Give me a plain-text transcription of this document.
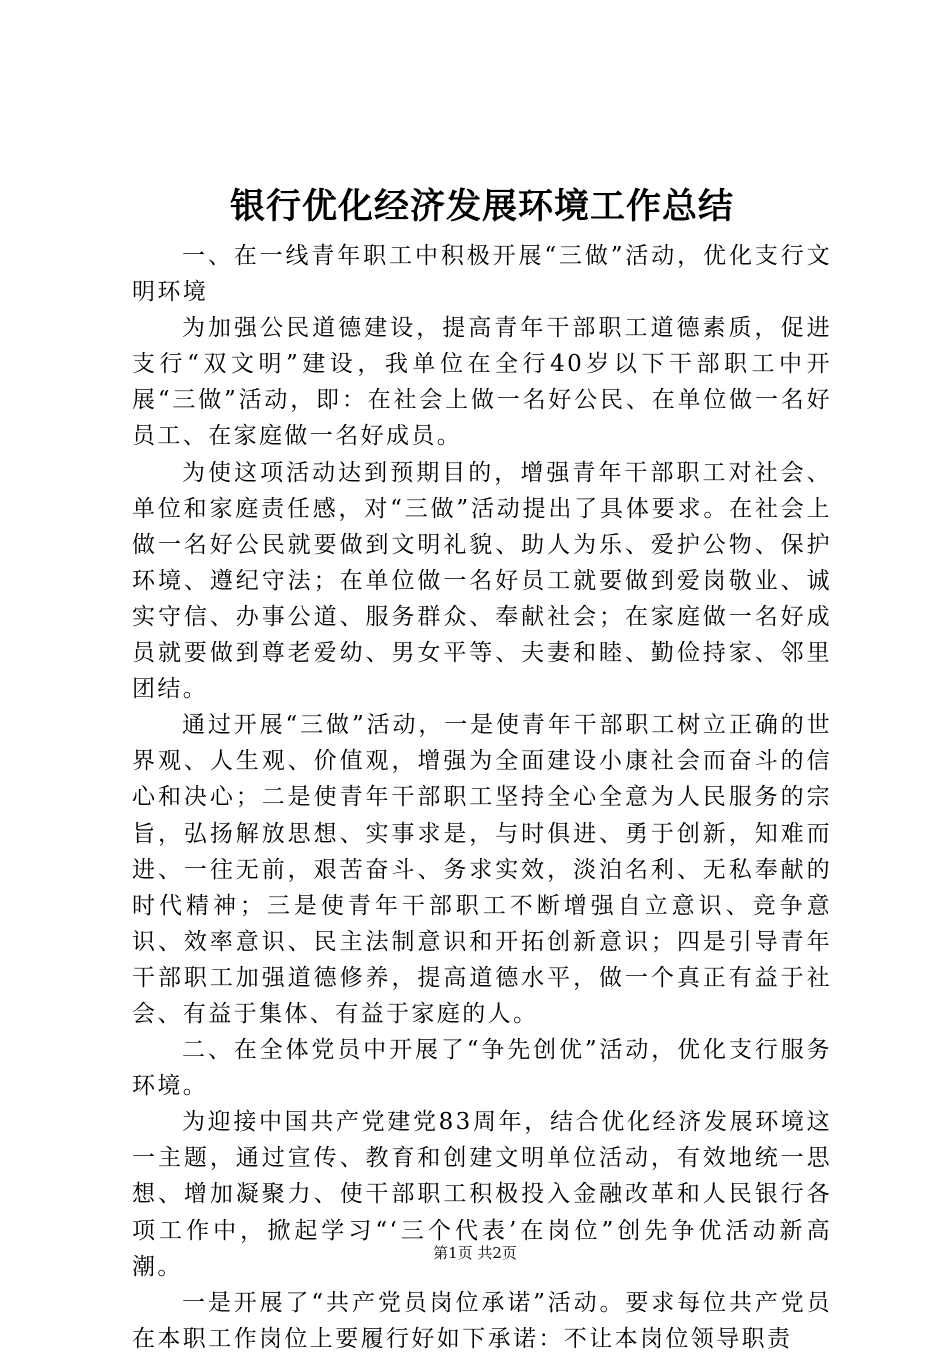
银行优化经济发展环境工作总结

一、在一线青年职工中积极开展“三做”活动，优化支行文明环境

为加强公民道德建设，提高青年干部职工道德素质，促进支行“双文明”建设，我单位在全行40岁以下干部职工中开展“三做”活动，即：在社会上做一名好公民、在单位做一名好员工、在家庭做一名好成员。

为使这项活动达到预期目的，增强青年干部职工对社会、单位和家庭责任感，对“三做”活动提出了具体要求。在社会上做一名好公民就要做到文明礼貌、助人为乐、爱护公物、保护环境、遵纪守法；在单位做一名好员工就要做到爱岗敬业、诚实守信、办事公道、服务群众、奉献社会；在家庭做一名好成员就要做到尊老爱幼、男女平等、夫妻和睦、勤俭持家、邻里团结。

通过开展“三做”活动，一是使青年干部职工树立正确的世界观、人生观、价值观，增强为全面建设小康社会而奋斗的信心和决心；二是使青年干部职工坚持全心全意为人民服务的宗旨，弘扬解放思想、实事求是，与时俱进、勇于创新，知难而进、一往无前，艰苦奋斗、务求实效，淡泊名利、无私奉献的时代精神；三是使青年干部职工不断增强自立意识、竞争意识、效率意识、民主法制意识和开拓创新意识；四是引导青年干部职工加强道德修养，提高道德水平，做一个真正有益于社会、有益于集体、有益于家庭的人。

二、在全体党员中开展了“争先创优”活动，优化支行服务环境。

为迎接中国共产党建党83周年，结合优化经济发展环境这一主题，通过宣传、教育和创建文明单位活动，有效地统一思想、增加凝聚力、使干部职工积极投入金融改革和人民银行各项工作中，掀起学习“‘三个代表’在岗位”创先争优活动新高潮。

一是开展了“共产党员岗位承诺”活动。要求每位共产党员在本职工作岗位上要履行好如下承诺：不让本岗位领导职责

第1页 共2页
